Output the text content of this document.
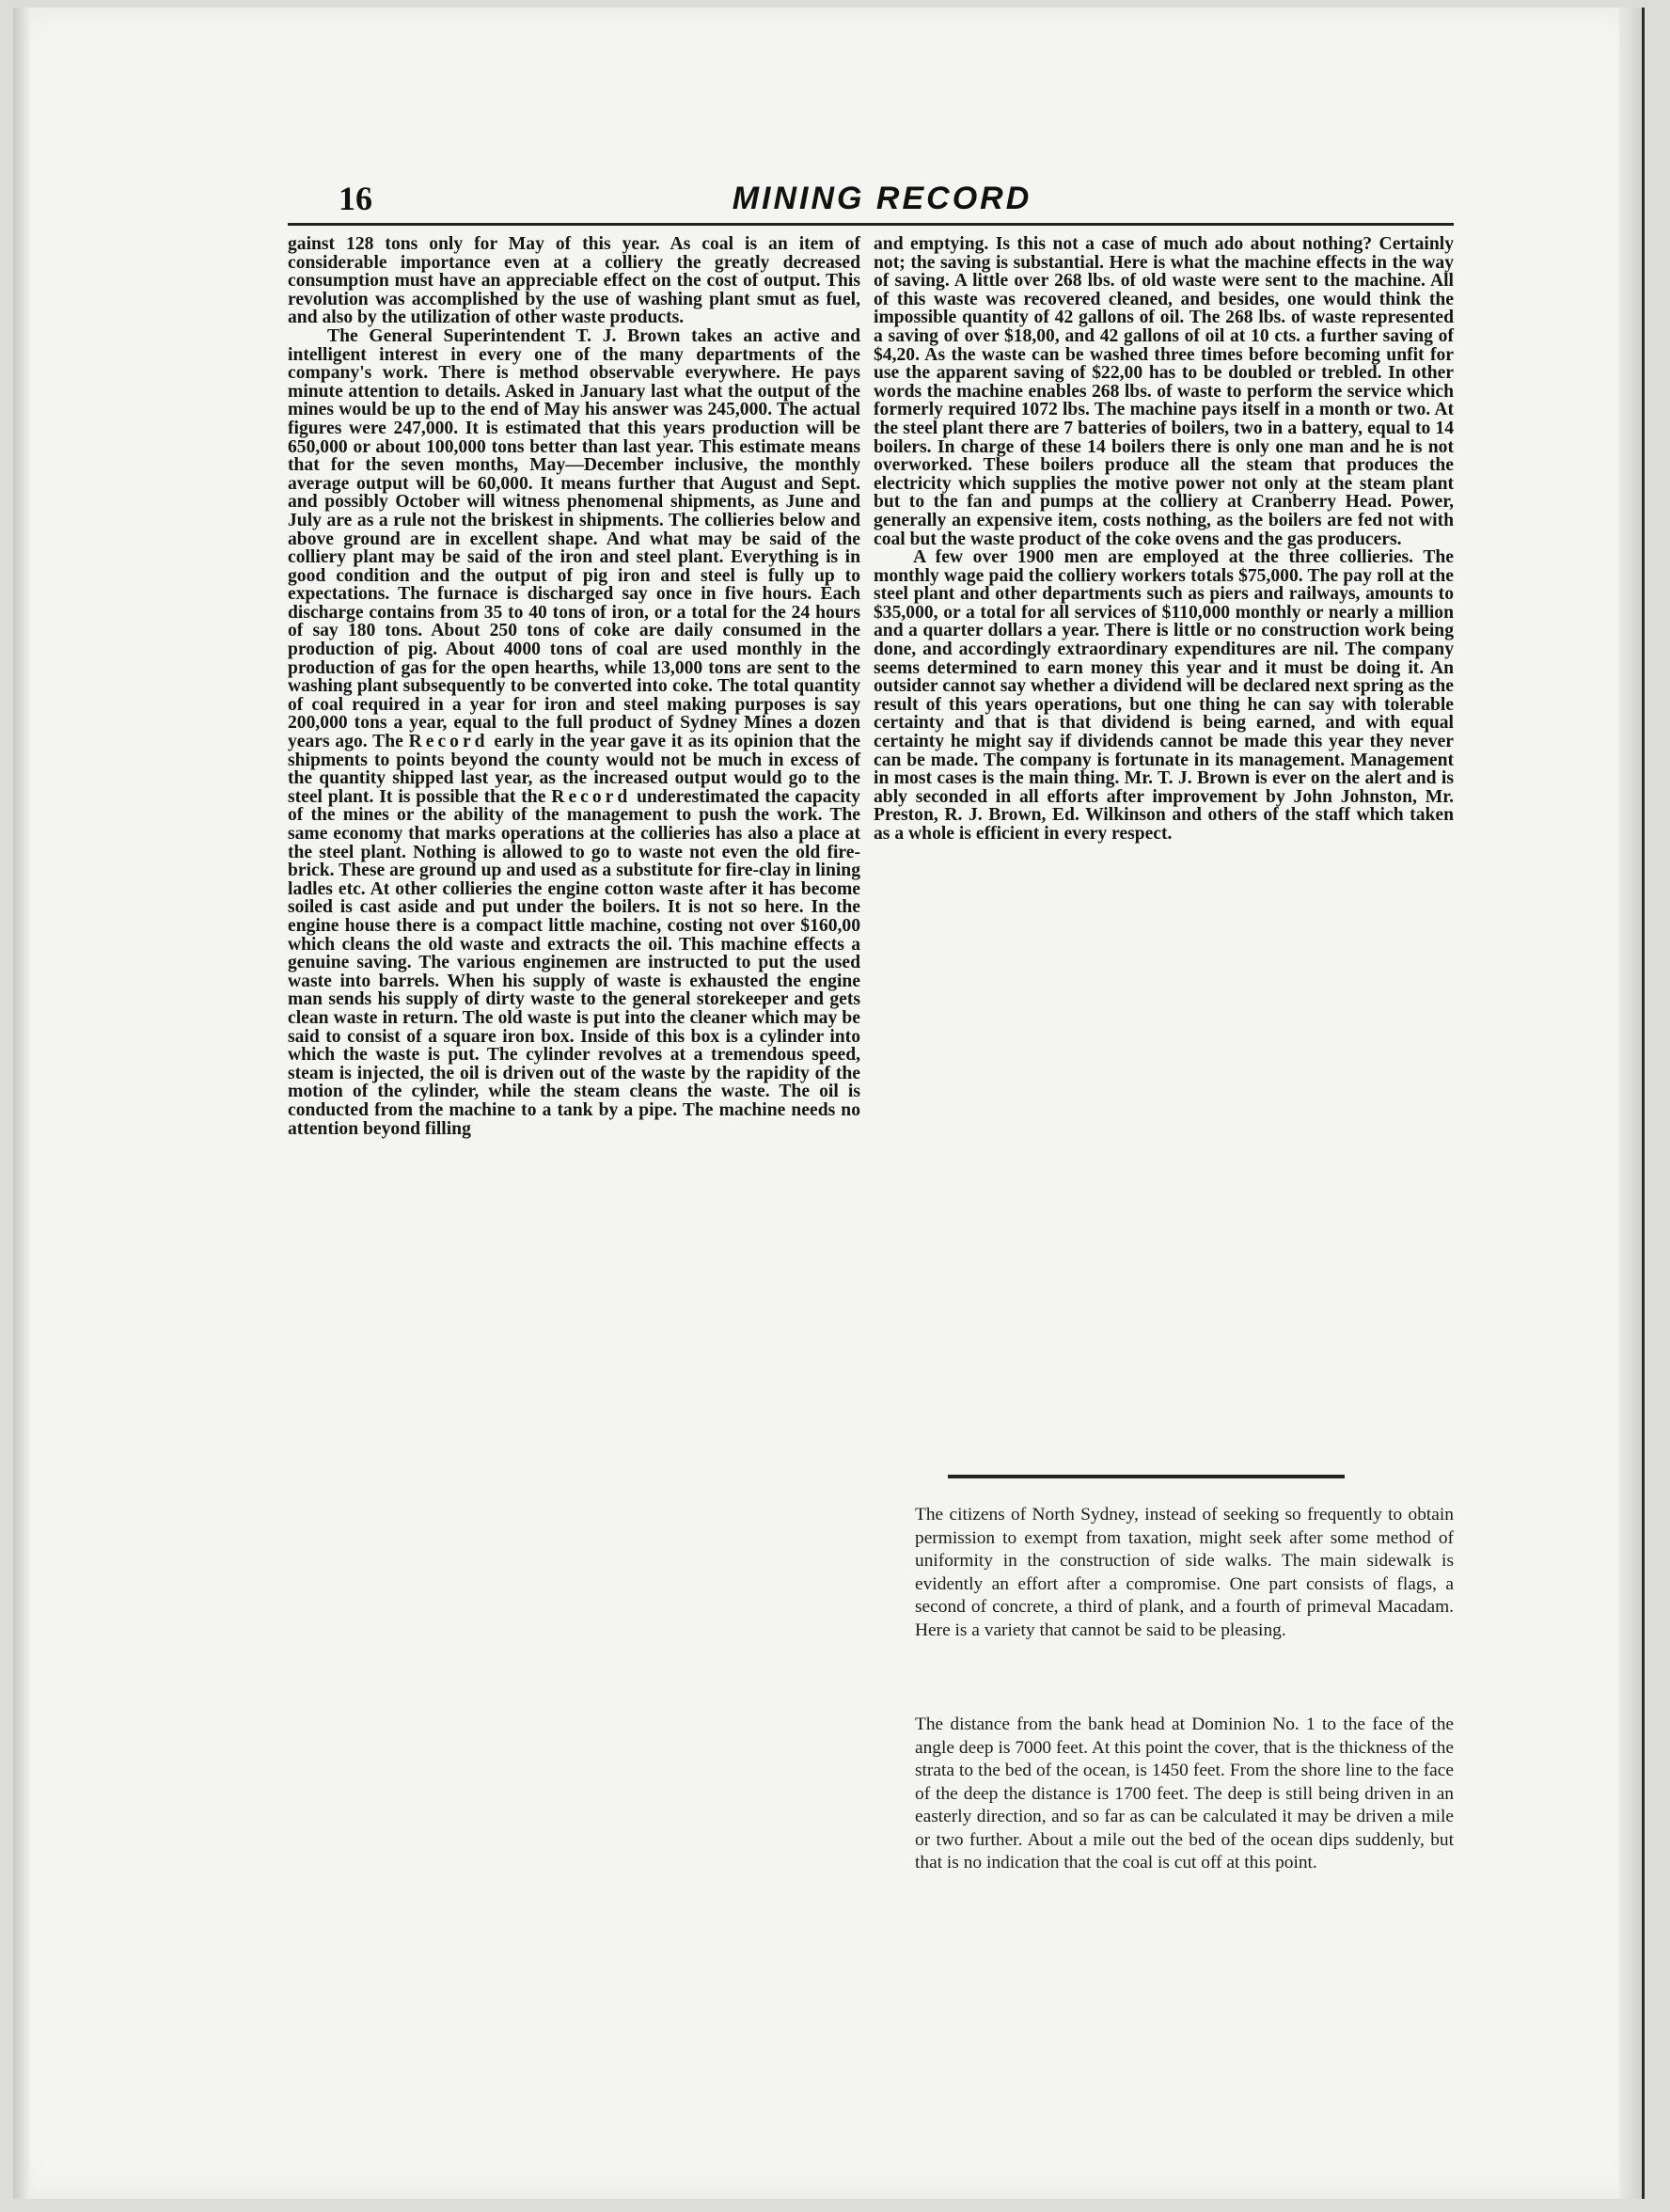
16	MINING RECORD

gainst 128 tons only for May of this year. As coal is an item of considerable importance even at a colliery the greatly decreased consumption must have an appreciable effect on the cost of output. This revolution was accomplished by the use of washing plant smut as fuel, and also by the utilization of other waste products.

The General Superintendent T. J. Brown takes an active and intelligent interest in every one of the many departments of the company's work. There is method observable everywhere. He pays minute attention to details. Asked in January last what the output of the mines would be up to the end of May his answer was 245,000. The actual figures were 247,000. It is estimated that this years production will be 650,000 or about 100,000 tons better than last year. This estimate means that for the seven months, May—December inclusive, the monthly average output will be 60,000. It means further that August and Sept. and possibly October will witness phenomenal shipments, as June and July are as a rule not the briskest in shipments. The collieries below and above ground are in excellent shape. And what may be said of the colliery plant may be said of the iron and steel plant. Everything is in good condition and the output of pig iron and steel is fully up to expectations. The furnace is discharged say once in five hours. Each discharge contains from 35 to 40 tons of iron, or a total for the 24 hours of say 180 tons. About 250 tons of coke are daily consumed in the production of pig. About 4000 tons of coal are used monthly in the production of gas for the open hearths, while 13,000 tons are sent to the washing plant subsequently to be converted into coke. The total quantity of coal required in a year for iron and steel making purposes is say 200,000 tons a year, equal to the full product of Sydney Mines a dozen years ago. The Record early in the year gave it as its opinion that the shipments to points beyond the county would not be much in excess of the quantity shipped last year, as the increased output would go to the steel plant. It is possible that the Record underestimated the capacity of the mines or the ability of the management to push the work. The same economy that marks operations at the collieries has also a place at the steel plant. Nothing is allowed to go to waste not even the old fire-brick. These are ground up and used as a substitute for fire-clay in lining ladles etc. At other collieries the engine cotton waste after it has become soiled is cast aside and put under the boilers. It is not so here. In the engine house there is a compact little machine, costing not over $160,00 which cleans the old waste and extracts the oil. This machine effects a genuine saving. The various enginemen are instructed to put the used waste into barrels. When his supply of waste is exhausted the engine man sends his supply of dirty waste to the general storekeeper and gets clean waste in return. The old waste is put into the cleaner which may be said to consist of a square iron box. Inside of this box is a cylinder into which the waste is put. The cylinder revolves at a tremendous speed, steam is injected, the oil is driven out of the waste by the rapidity of the motion of the cylinder, while the steam cleans the waste. The oil is conducted from the machine to a tank by a pipe. The machine needs no attention beyond filling

and emptying. Is this not a case of much ado about nothing? Certainly not; the saving is substantial. Here is what the machine effects in the way of saving. A little over 268 lbs. of old waste were sent to the machine. All of this waste was recovered cleaned, and besides, one would think the impossible quantity of 42 gallons of oil. The 268 lbs. of waste represented a saving of over $18,00, and 42 gallons of oil at 10 cts. a further saving of $4,20. As the waste can be washed three times before becoming unfit for use the apparent saving of $22,00 has to be doubled or trebled. In other words the machine enables 268 lbs. of waste to perform the service which formerly required 1072 lbs. The machine pays itself in a month or two. At the steel plant there are 7 batteries of boilers, two in a battery, equal to 14 boilers. In charge of these 14 boilers there is only one man and he is not overworked. These boilers produce all the steam that produces the electricity which supplies the motive power not only at the steam plant but to the fan and pumps at the colliery at Cranberry Head. Power, generally an expensive item, costs nothing, as the boilers are fed not with coal but the waste product of the coke ovens and the gas producers.

A few over 1900 men are employed at the three collieries. The monthly wage paid the colliery workers totals $75,000. The pay roll at the steel plant and other departments such as piers and railways, amounts to $35,000, or a total for all services of $110,000 monthly or nearly a million and a quarter dollars a year. There is little or no construction work being done, and accordingly extraordinary expenditures are nil. The company seems determined to earn money this year and it must be doing it. An outsider cannot say whether a dividend will be declared next spring as the result of this years operations, but one thing he can say with tolerable certainty and that is that dividend is being earned, and with equal certainty he might say if dividends cannot be made this year they never can be made. The company is fortunate in its management. Management in most cases is the main thing. Mr. T. J. Brown is ever on the alert and is ably seconded in all efforts after improvement by John Johnston, Mr. Preston, R. J. Brown, Ed. Wilkinson and others of the staff which taken as a whole is efficient in every respect.

The citizens of North Sydney, instead of seeking so frequently to obtain permission to exempt from taxation, might seek after some method of uniformity in the construction of side walks. The main sidewalk is evidently an effort after a compromise. One part consists of flags, a second of concrete, a third of plank, and a fourth of primeval Macadam. Here is a variety that cannot be said to be pleasing.

The distance from the bank head at Dominion No. 1 to the face of the angle deep is 7000 feet. At this point the cover, that is the thickness of the strata to the bed of the ocean, is 1450 feet. From the shore line to the face of the deep the distance is 1700 feet. The deep is still being driven in an easterly direction, and so far as can be calculated it may be driven a mile or two further. About a mile out the bed of the ocean dips suddenly, but that is no indication that the coal is cut off at this point.
